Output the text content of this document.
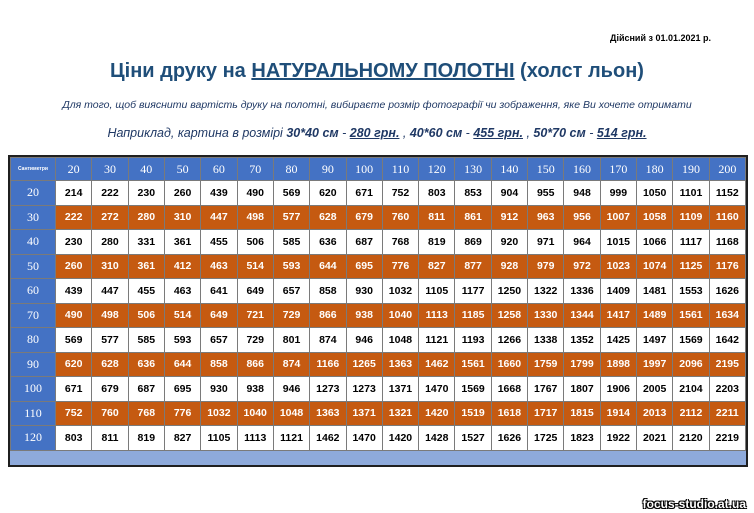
Дійсний з 01.01.2021 р.
Ціни друку на НАТУРАЛЬНОМУ ПОЛОТНІ (холст льон)
Для того, щоб вияснити вартість друку на полотні, вибираєте розмір фотографії чи зображення, яке Ви хочете отримати
Наприклад, картина в розмірі 30*40 см - 280 грн. , 40*60 см - 455 грн. , 50*70 см - 514 грн.
Сантиметри	20	30	40	50	60	70	80	90	100	110	120	130	140	150	160	170	180	190	200
20	214	222	230	260	439	490	569	620	671	752	803	853	904	955	948	999	1050	1101	1152
30	222	272	280	310	447	498	577	628	679	760	811	861	912	963	956	1007	1058	1109	1160
40	230	280	331	361	455	506	585	636	687	768	819	869	920	971	964	1015	1066	1117	1168
50	260	310	361	412	463	514	593	644	695	776	827	877	928	979	972	1023	1074	1125	1176
60	439	447	455	463	641	649	657	858	930	1032	1105	1177	1250	1322	1336	1409	1481	1553	1626
70	490	498	506	514	649	721	729	866	938	1040	1113	1185	1258	1330	1344	1417	1489	1561	1634
80	569	577	585	593	657	729	801	874	946	1048	1121	1193	1266	1338	1352	1425	1497	1569	1642
90	620	628	636	644	858	866	874	1166	1265	1363	1462	1561	1660	1759	1799	1898	1997	2096	2195
100	671	679	687	695	930	938	946	1273	1273	1371	1470	1569	1668	1767	1807	1906	2005	2104	2203
110	752	760	768	776	1032	1040	1048	1363	1371	1321	1420	1519	1618	1717	1815	1914	2013	2112	2211
120	803	811	819	827	1105	1113	1121	1462	1470	1420	1428	1527	1626	1725	1823	1922	2021	2120	2219
focus-studio.at.ua
